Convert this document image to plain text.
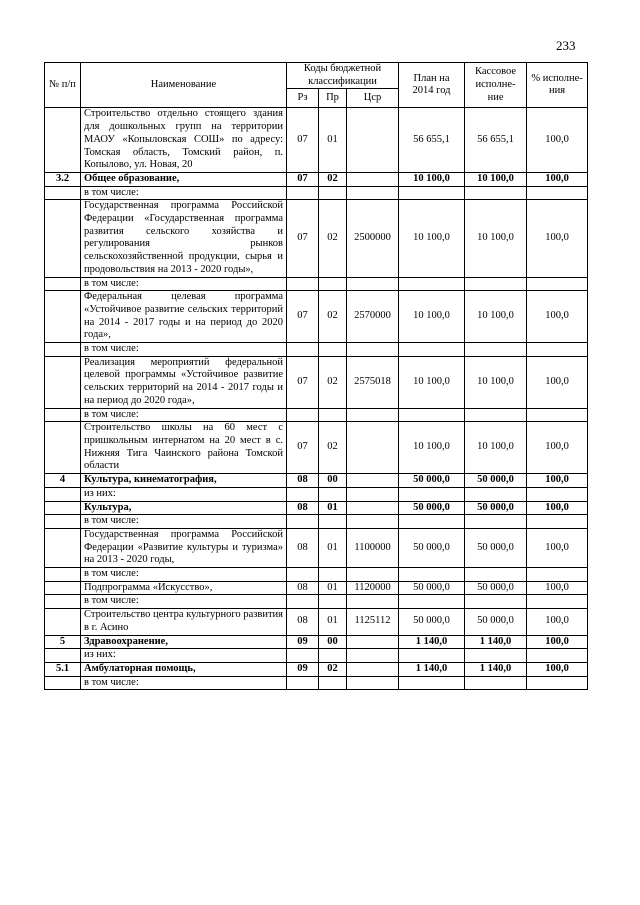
233
№ п/п	Наименование	Коды бюджетной классификации			План на 2014 год	Кассовое исполне-ние	% исполне-ния
		Рз	Пр	Цср			
	Строительство отдельно стоящего здания для дошкольных групп на территории МАОУ «Копыловская СОШ» по адресу: Томская область, Томский район, п. Копылово, ул. Новая, 20	07	01		56 655,1	56 655,1	100,0
3.2	Общее образование,	07	02		10 100,0	10 100,0	100,0
	в том числе:						
	Государственная программа Российской Федерации «Государственная программа развития сельского хозяйства и регулирования рынков сельскохозяйственной продукции, сырья и продовольствия на 2013 - 2020 годы»,	07	02	2500000	10 100,0	10 100,0	100,0
	в том числе:						
	Федеральная целевая программа «Устойчивое развитие сельских территорий на 2014 - 2017 годы и на период до 2020 года»,	07	02	2570000	10 100,0	10 100,0	100,0
	в том числе:						
	Реализация мероприятий федеральной целевой программы «Устойчивое развитие сельских территорий на 2014 - 2017 годы и на период до 2020 года»,	07	02	2575018	10 100,0	10 100,0	100,0
	в том числе:						
	Строительство школы на 60 мест с пришкольным интернатом на 20 мест в с. Нижняя Тига Чаинского района Томской области	07	02		10 100,0	10 100,0	100,0
4	Культура, кинематография,	08	00		50 000,0	50 000,0	100,0
	из них:						
	Культура,	08	01		50 000,0	50 000,0	100,0
	в том числе:						
	Государственная программа Российской Федерации «Развитие культуры и туризма» на 2013 - 2020 годы,	08	01	1100000	50 000,0	50 000,0	100,0
	в том числе:						
	Подпрограмма «Искусство»,	08	01	1120000	50 000,0	50 000,0	100,0
	в том числе:						
	Строительство центра культурного развития в г. Асино	08	01	1125112	50 000,0	50 000,0	100,0
5	Здравоохранение,	09	00		1 140,0	1 140,0	100,0
	из них:						
5.1	Амбулаторная помощь,	09	02		1 140,0	1 140,0	100,0
	в том числе:						
